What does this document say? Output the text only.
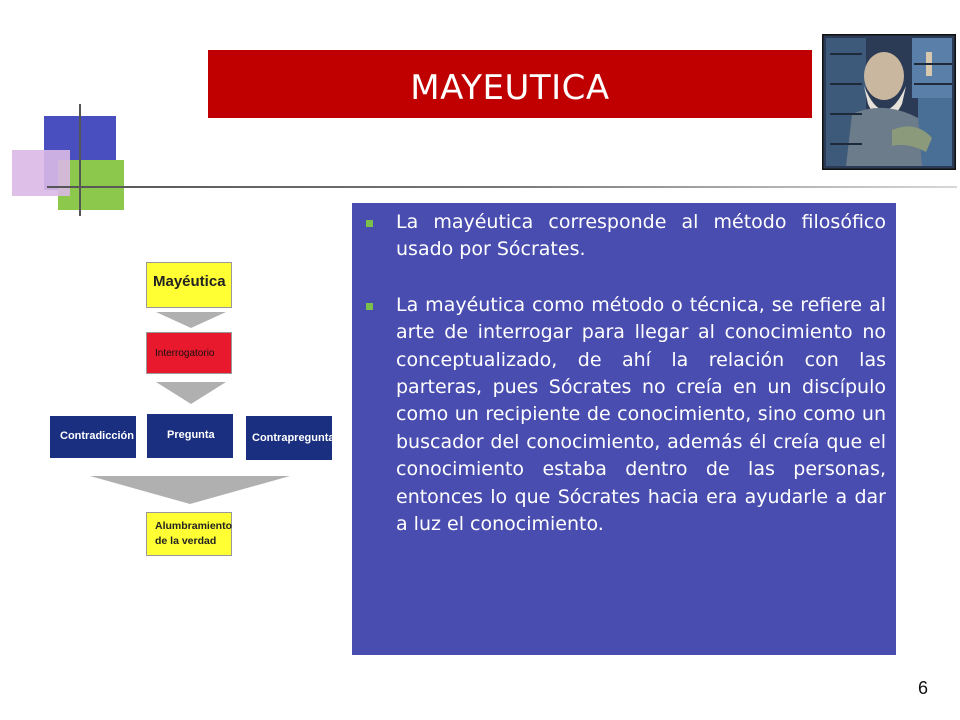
MAYEUTICA
Mayéutica
Interrogatorio
Contradicción	Pregunta	Contrapregunta
Alumbramiento
de la verdad
La mayéutica corresponde al método filosófico usado por Sócrates.
La mayéutica como método o técnica, se refiere al arte de interrogar para llegar al conocimiento no conceptualizado, de ahí la relación con las parteras, pues Sócrates no creía en un discípulo como un recipiente de conocimiento, sino como un buscador del conocimiento, además él creía que el conocimiento estaba dentro de las personas, entonces lo que Sócrates hacia era ayudarle a dar a luz el conocimiento.
6
